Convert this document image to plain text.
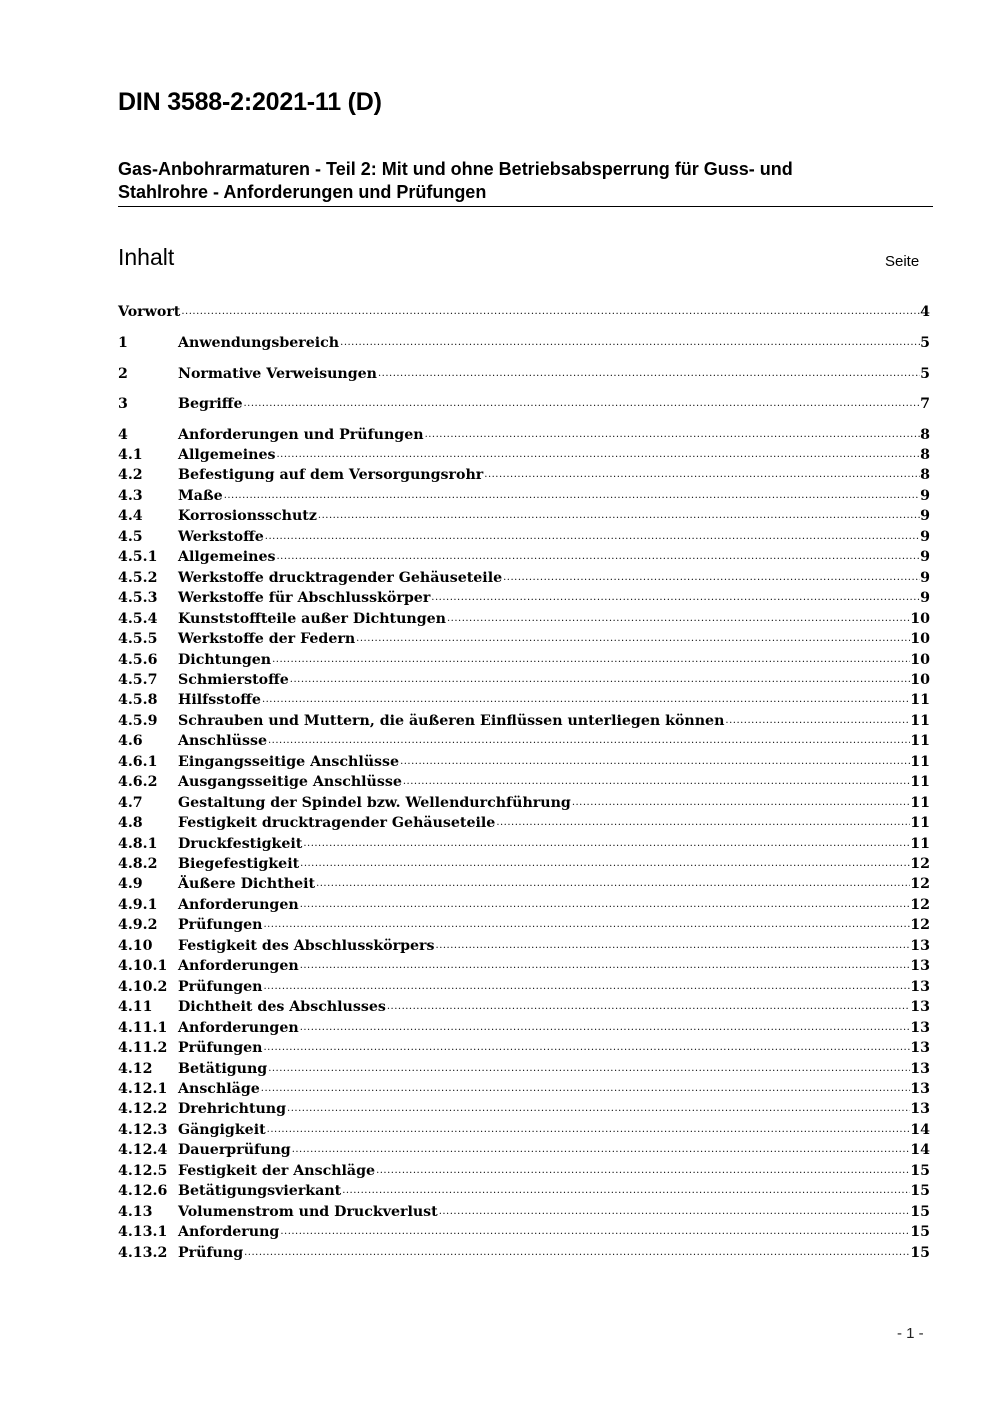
DIN 3588-2:2021-11 (D)
Gas-Anbohrarmaturen - Teil 2: Mit und ohne Betriebsabsperrung für Guss- und
Stahlrohre - Anforderungen und Prüfungen
Inhalt	Seite
Vorwort .....	4
1	Anwendungsbereich .....	5
2	Normative Verweisungen .....	5
3	Begriffe .....	7
4	Anforderungen und Prüfungen .....	8
4.1	Allgemeines .....	8
4.2	Befestigung auf dem Versorgungsrohr .....	8
4.3	Maße .....	9
4.4	Korrosionsschutz .....	9
4.5	Werkstoffe .....	9
4.5.1	Allgemeines .....	9
4.5.2	Werkstoffe drucktragender Gehäuseteile .....	9
4.5.3	Werkstoffe für Abschlusskörper .....	9
4.5.4	Kunststoffteile außer Dichtungen .....	10
4.5.5	Werkstoffe der Federn .....	10
4.5.6	Dichtungen .....	10
4.5.7	Schmierstoffe .....	10
4.5.8	Hilfsstoffe .....	11
4.5.9	Schrauben und Muttern, die äußeren Einflüssen unterliegen können .....	11
4.6	Anschlüsse .....	11
4.6.1	Eingangsseitige Anschlüsse .....	11
4.6.2	Ausgangsseitige Anschlüsse .....	11
4.7	Gestaltung der Spindel bzw. Wellendurchführung .....	11
4.8	Festigkeit drucktragender Gehäuseteile .....	11
4.8.1	Druckfestigkeit .....	11
4.8.2	Biegefestigkeit .....	12
4.9	Äußere Dichtheit .....	12
4.9.1	Anforderungen .....	12
4.9.2	Prüfungen .....	12
4.10	Festigkeit des Abschlusskörpers .....	13
4.10.1 Anforderungen .....	13
4.10.2 Prüfungen .....	13
4.11	Dichtheit des Abschlusses .....	13
4.11.1 Anforderungen .....	13
4.11.2 Prüfungen .....	13
4.12	Betätigung .....	13
4.12.1 Anschläge .....	13
4.12.2 Drehrichtung .....	13
4.12.3 Gängigkeit .....	14
4.12.4 Dauerprüfung .....	14
4.12.5 Festigkeit der Anschläge .....	15
4.12.6 Betätigungsvierkant .....	15
4.13	Volumenstrom und Druckverlust .....	15
4.13.1 Anforderung .....	15
4.13.2 Prüfung .....	15
- 1 -
